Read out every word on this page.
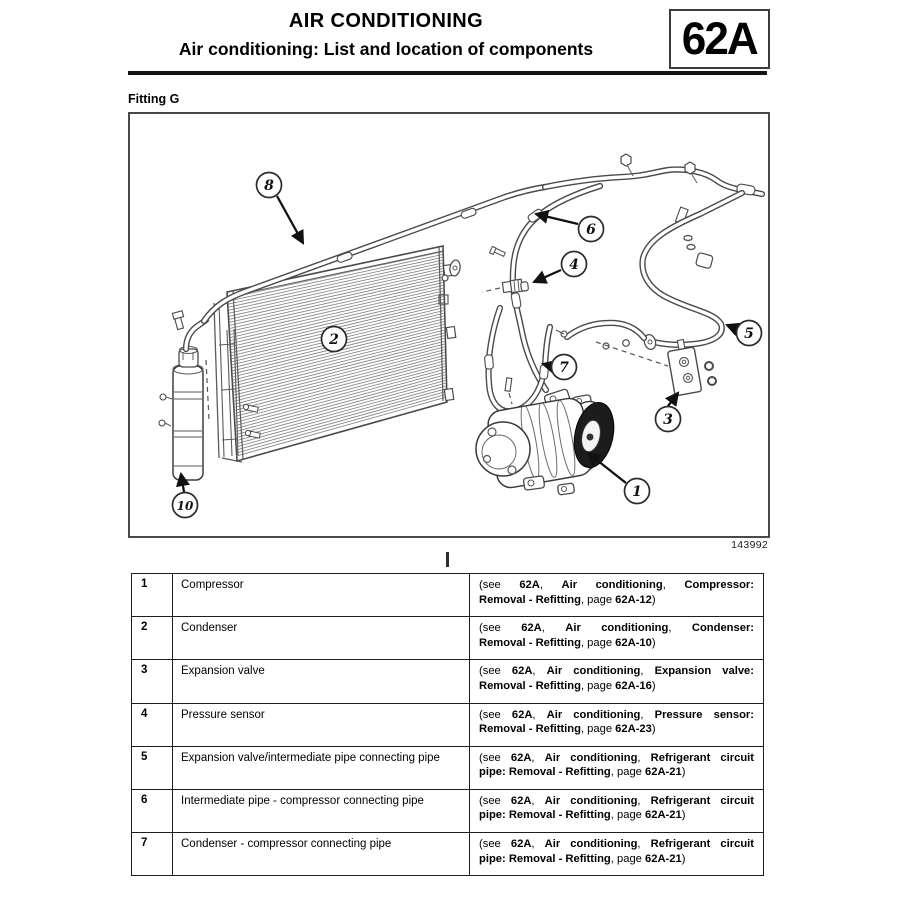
AIR CONDITIONING
Air conditioning: List and location of components	62A
Fitting G
8
2
6
4
5
7
3
1
10
143992
1	Compressor	(see 62A, Air conditioning, Compressor:
Removal - Refitting, page 62A-12)
2	Condenser	(see 62A, Air conditioning, Condenser:
Removal - Refitting, page 62A-10)
3	Expansion valve	(see 62A, Air conditioning, Expansion valve:
Removal - Refitting, page 62A-16)
4	Pressure sensor	(see 62A, Air conditioning, Pressure sensor:
Removal - Refitting, page 62A-23)
5	Expansion valve/intermediate pipe connecting pipe	(see 62A, Air conditioning, Refrigerant circuit
pipe: Removal - Refitting, page 62A-21)
6	Intermediate pipe - compressor connecting pipe	(see 62A, Air conditioning, Refrigerant circuit
pipe: Removal - Refitting, page 62A-21)
7	Condenser - compressor connecting pipe	(see 62A, Air conditioning, Refrigerant circuit
pipe: Removal - Refitting, page 62A-21)
